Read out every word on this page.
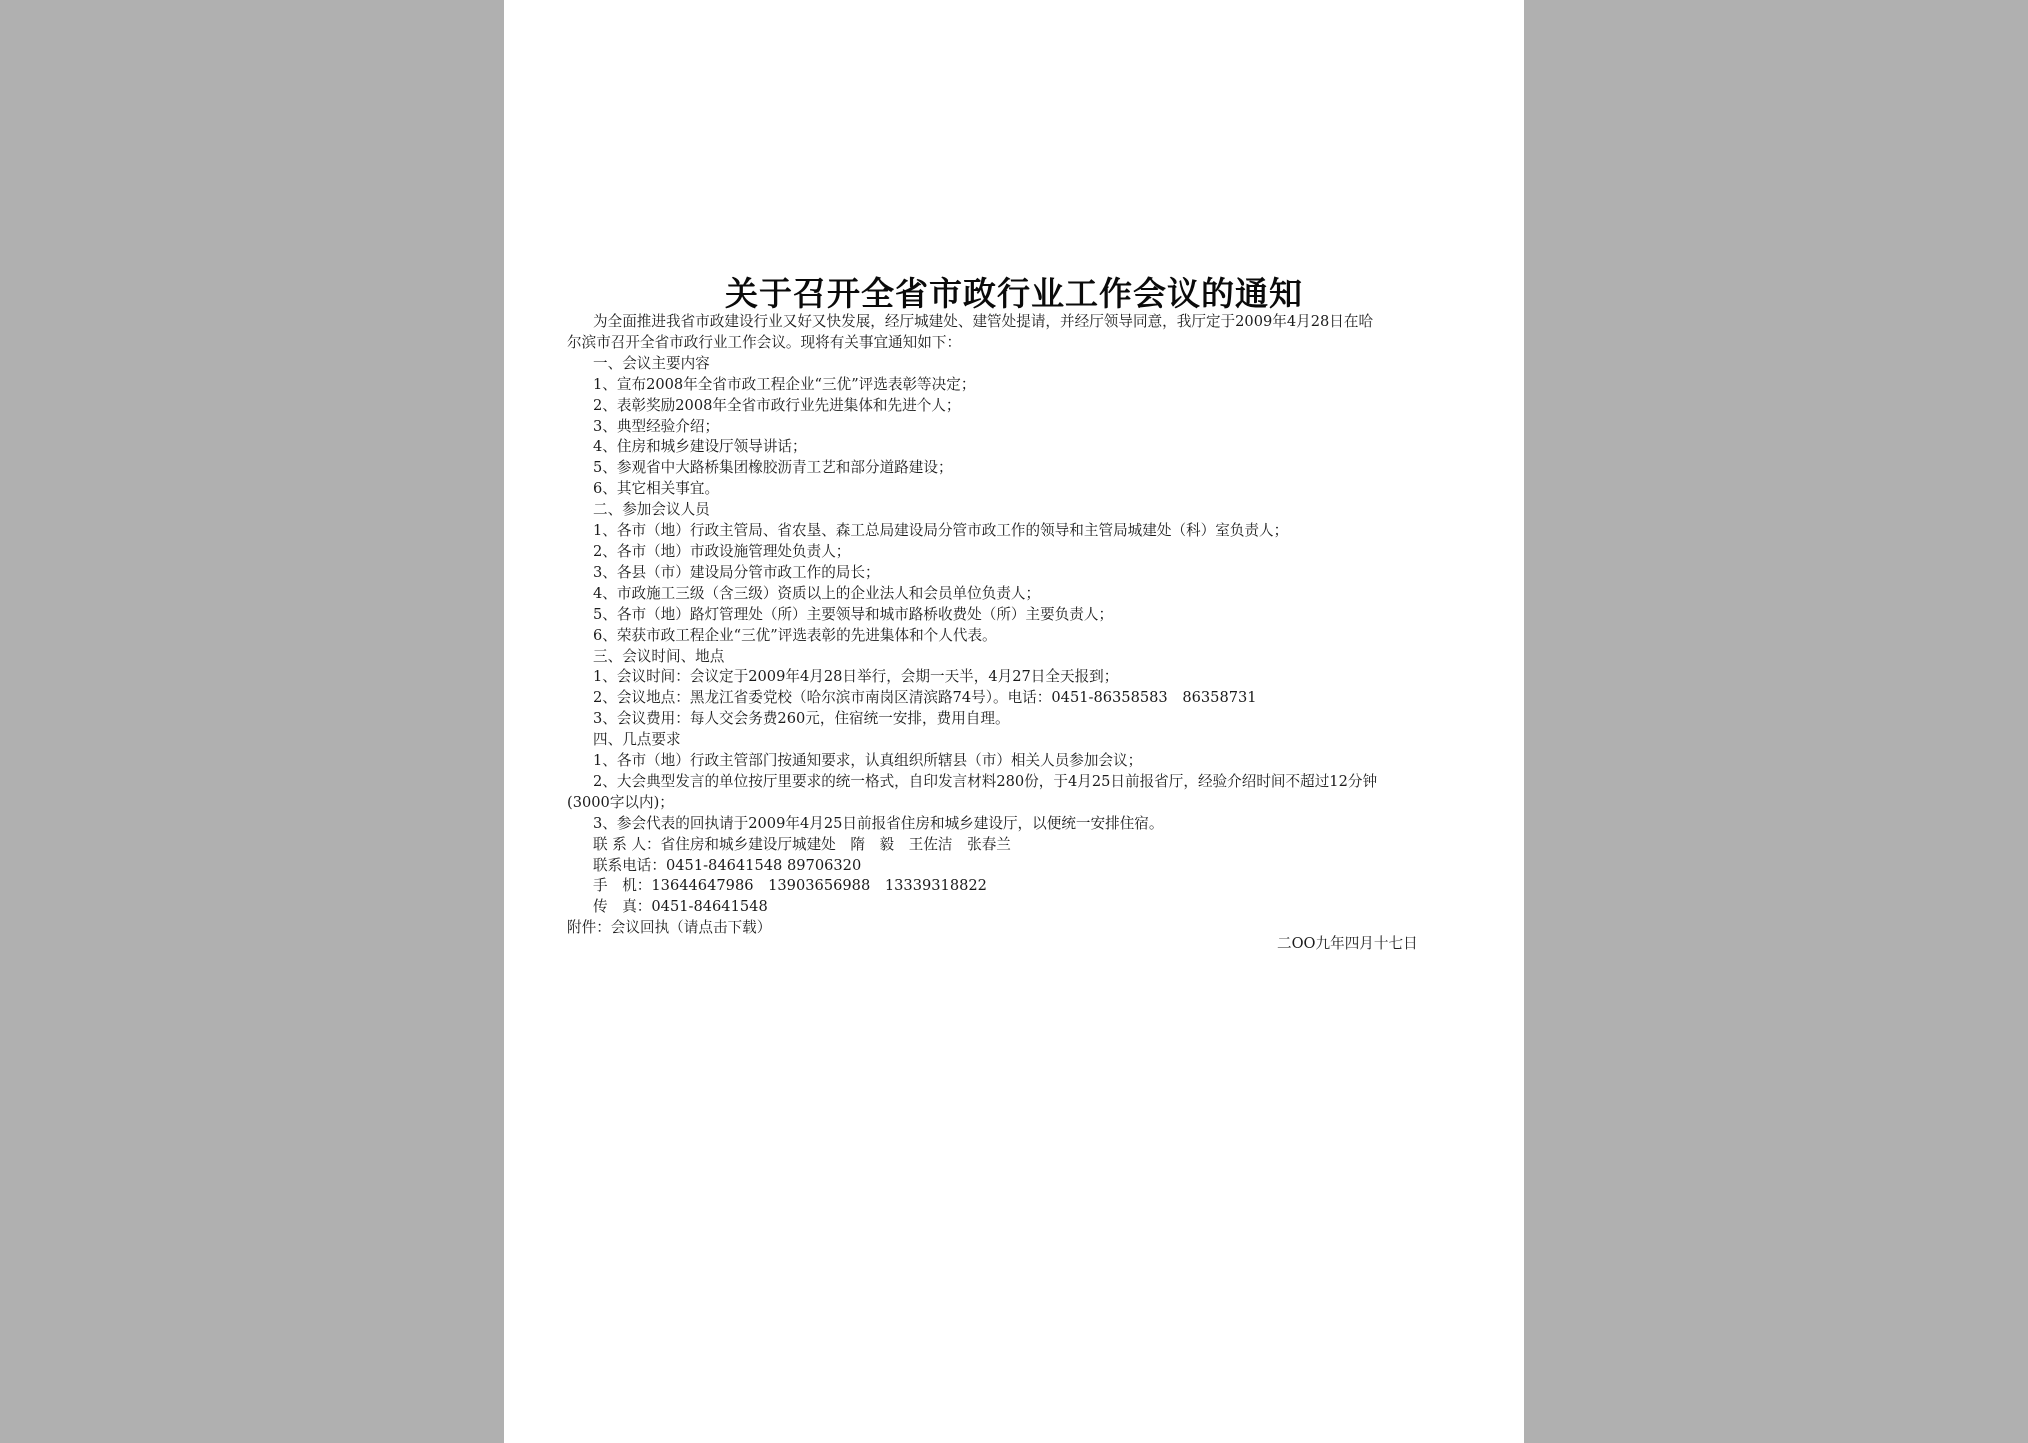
关于召开全省市政行业工作会议的通知
为全面推进我省市政建设行业又好又快发展，经厅城建处、建管处提请，并经厅领导同意，我厅定于2009年4月28日在哈
尔滨市召开全省市政行业工作会议。现将有关事宜通知如下：
一、会议主要内容
1、宣布2008年全省市政工程企业“三优”评选表彰等决定；
2、表彰奖励2008年全省市政行业先进集体和先进个人；
3、典型经验介绍；
4、住房和城乡建设厅领导讲话；
5、参观省中大路桥集团橡胶沥青工艺和部分道路建设；
6、其它相关事宜。
二、参加会议人员
1、各市（地）行政主管局、省农垦、森工总局建设局分管市政工作的领导和主管局城建处（科）室负责人；
2、各市（地）市政设施管理处负责人；
3、各县（市）建设局分管市政工作的局长；
4、市政施工三级（含三级）资质以上的企业法人和会员单位负责人；
5、各市（地）路灯管理处（所）主要领导和城市路桥收费处（所）主要负责人；
6、荣获市政工程企业“三优”评选表彰的先进集体和个人代表。
三、会议时间、地点
1、会议时间：会议定于2009年4月28日举行，会期一天半，4月27日全天报到；
2、会议地点：黑龙江省委党校（哈尔滨市南岗区清滨路74号）。电话：0451-86358583　86358731
3、会议费用：每人交会务费260元，住宿统一安排，费用自理。
四、几点要求
1、各市（地）行政主管部门按通知要求，认真组织所辖县（市）相关人员参加会议；
2、大会典型发言的单位按厅里要求的统一格式，自印发言材料280份，于4月25日前报省厅，经验介绍时间不超过12分钟
(3000字以内)；
3、参会代表的回执请于2009年4月25日前报省住房和城乡建设厅，以便统一安排住宿。
联 系 人：省住房和城乡建设厅城建处　隋　毅　王佐洁　张春兰
联系电话：0451-84641548 89706320
手　机：13644647986　13903656988　13339318822
传　真：0451-84641548
附件：会议回执（请点击下载）
二OO九年四月十七日
